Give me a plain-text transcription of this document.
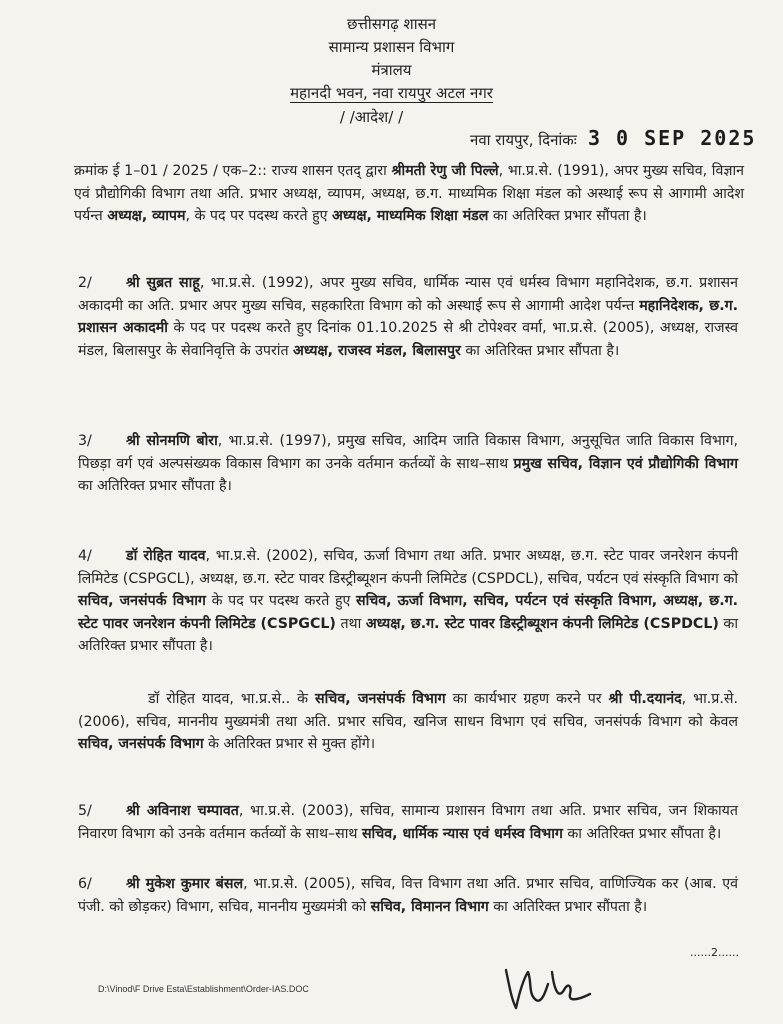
छत्तीसगढ़ शासन
सामान्य प्रशासन विभाग
मंत्रालय
महानदी भवन, नवा रायपुर अटल नगर
/ /आदेश/ /
नवा रायपुर, दिनांकः 3 0 SEP 2025

क्रमांक ई 1–01 / 2025 / एक–2:: राज्य शासन एतद् द्वारा श्रीमती रेणु जी पिल्ले, भा.प्र.से. (1991), अपर मुख्य सचिव, विज्ञान एवं प्रौद्योगिकी विभाग तथा अति. प्रभार अध्यक्ष, व्यापम, अध्यक्ष, छ.ग. माध्यमिक शिक्षा मंडल को अस्थाई रूप से आगामी आदेश पर्यन्त अध्यक्ष, व्यापम, के पद पर पदस्थ करते हुए अध्यक्ष, माध्यमिक शिक्षा मंडल का अतिरिक्त प्रभार सौंपता है।

2/ श्री सुब्रत साहू, भा.प्र.से. (1992), अपर मुख्य सचिव, धार्मिक न्यास एवं धर्मस्व विभाग महानिदेशक, छ.ग. प्रशासन अकादमी का अति. प्रभार अपर मुख्य सचिव, सहकारिता विभाग को को अस्थाई रूप से आगामी आदेश पर्यन्त महानिदेशक, छ.ग. प्रशासन अकादमी के पद पर पदस्थ करते हुए दिनांक 01.10.2025 से श्री टोपेश्वर वर्मा, भा.प्र.से. (2005), अध्यक्ष, राजस्व मंडल, बिलासपुर के सेवानिवृत्ति के उपरांत अध्यक्ष, राजस्व मंडल, बिलासपुर का अतिरिक्त प्रभार सौंपता है।

3/ श्री सोनमणि बोरा, भा.प्र.से. (1997), प्रमुख सचिव, आदिम जाति विकास विभाग, अनुसूचित जाति विकास विभाग, पिछड़ा वर्ग एवं अल्पसंख्यक विकास विभाग का उनके वर्तमान कर्तव्यों के साथ–साथ प्रमुख सचिव, विज्ञान एवं प्रौद्योगिकी विभाग का अतिरिक्त प्रभार सौंपता है।

4/ डॉ रोहित यादव, भा.प्र.से. (2002), सचिव, ऊर्जा विभाग तथा अति. प्रभार अध्यक्ष, छ.ग. स्टेट पावर जनरेशन कंपनी लिमिटेड (CSPGCL), अध्यक्ष, छ.ग. स्टेट पावर डिस्ट्रीब्यूशन कंपनी लिमिटेड (CSPDCL), सचिव, पर्यटन एवं संस्कृति विभाग को सचिव, जनसंपर्क विभाग के पद पर पदस्थ करते हुए सचिव, ऊर्जा विभाग, सचिव, पर्यटन एवं संस्कृति विभाग, अध्यक्ष, छ.ग. स्टेट पावर जनरेशन कंपनी लिमिटेड (CSPGCL) तथा अध्यक्ष, छ.ग. स्टेट पावर डिस्ट्रीब्यूशन कंपनी लिमिटेड (CSPDCL) का अतिरिक्त प्रभार सौंपता है।

डॉ रोहित यादव, भा.प्र.से.. के सचिव, जनसंपर्क विभाग का कार्यभार ग्रहण करने पर श्री पी.दयानंद, भा.प्र.से. (2006), सचिव, माननीय मुख्यमंत्री तथा अति. प्रभार सचिव, खनिज साधन विभाग एवं सचिव, जनसंपर्क विभाग को केवल सचिव, जनसंपर्क विभाग के अतिरिक्त प्रभार से मुक्त होंगे।

5/ श्री अविनाश चम्पावत, भा.प्र.से. (2003), सचिव, सामान्य प्रशासन विभाग तथा अति. प्रभार सचिव, जन शिकायत निवारण विभाग को उनके वर्तमान कर्तव्यों के साथ–साथ सचिव, धार्मिक न्यास एवं धर्मस्व विभाग का अतिरिक्त प्रभार सौंपता है।

6/ श्री मुकेश कुमार बंसल, भा.प्र.से. (2005), सचिव, वित्त विभाग तथा अति. प्रभार सचिव, वाणिज्यिक कर (आब. एवं पंजी. को छोड़कर) विभाग, सचिव, माननीय मुख्यमंत्री को सचिव, विमानन विभाग का अतिरिक्त प्रभार सौंपता है।

......2......
D:\Vinod\F Drive Esta\Establishment\Order-IAS.DOC
